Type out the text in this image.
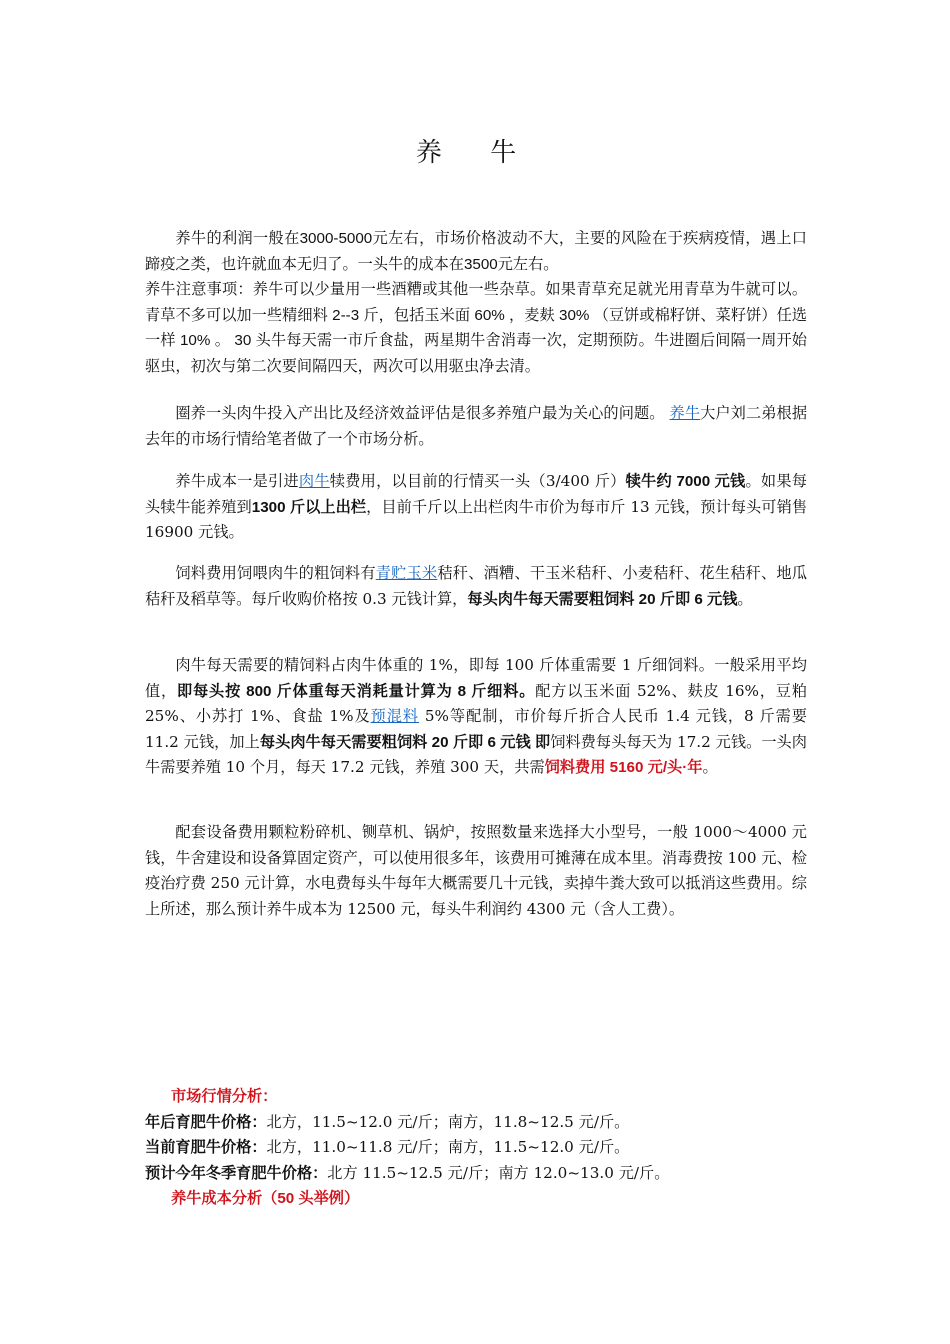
养 牛

养牛的利润一般在3000-5000元左右，市场价格波动不大，主要的风险在于疾病疫情，遇上口蹄疫之类，也许就血本无归了。一头牛的成本在3500元左右。

养牛注意事项：养牛可以少量用一些酒糟或其他一些杂草。如果青草充足就光用青草为牛就可以。青草不多可以加一些精细料 2--3 斤，包括玉米面 60% ，麦麸 30% （豆饼或棉籽饼、菜籽饼）任选一样 10% 。 30 头牛每天需一市斤食盐，两星期牛舍消毒一次，定期预防。牛进圈后间隔一周开始驱虫，初次与第二次要间隔四天，两次可以用驱虫净去清。

圈养一头肉牛投入产出比及经济效益评估是很多养殖户最为关心的问题。 养牛大户刘二弟根据去年的市场行情给笔者做了一个市场分析。

养牛成本一是引进肉牛犊费用，以目前的行情买一头（3/400 斤）犊牛约 7000 元钱。如果每头犊牛能养殖到1300 斤以上出栏，目前千斤以上出栏肉牛市价为每市斤 13 元钱，预计每头可销售 16900 元钱。

饲料费用饲喂肉牛的粗饲料有青贮玉米秸秆、酒糟、干玉米秸秆、小麦秸秆、花生秸秆、地瓜秸秆及稻草等。每斤收购价格按 0.3 元钱计算，每头肉牛每天需要粗饲料 20 斤即 6 元钱。

肉牛每天需要的精饲料占肉牛体重的 1%，即每 100 斤体重需要 1 斤细饲料。一般采用平均值，即每头按 800 斤体重每天消耗量计算为 8 斤细料。配方以玉米面 52%、麸皮 16%，豆粕 25%、小苏打 1%、食盐 1%及预混料 5%等配制，市价每斤折合人民币 1.4 元钱，8 斤需要 11.2 元钱，加上每头肉牛每天需要粗饲料 20 斤即 6 元钱 即饲料费每头每天为 17.2 元钱。一头肉牛需要养殖 10 个月，每天 17.2 元钱，养殖 300 天，共需饲料费用 5160 元/头·年。

配套设备费用颗粒粉碎机、铡草机、锅炉，按照数量来选择大小型号，一般 1000～4000 元钱，牛舍建设和设备算固定资产，可以使用很多年，该费用可摊薄在成本里。消毒费按 100 元、检疫治疗费 250 元计算，水电费每头牛每年大概需要几十元钱，卖掉牛粪大致可以抵消这些费用。综上所述，那么预计养牛成本为 12500 元，每头牛利润约 4300 元（含人工费）。

市场行情分析：

年后育肥牛价格：北方，11.5~12.0 元/斤；南方，11.8~12.5 元/斤。

当前育肥牛价格：北方，11.0~11.8 元/斤；南方，11.5~12.0 元/斤。

预计今年冬季育肥牛价格：北方 11.5~12.5 元/斤；南方 12.0~13.0 元/斤。

养牛成本分析（50 头举例）
